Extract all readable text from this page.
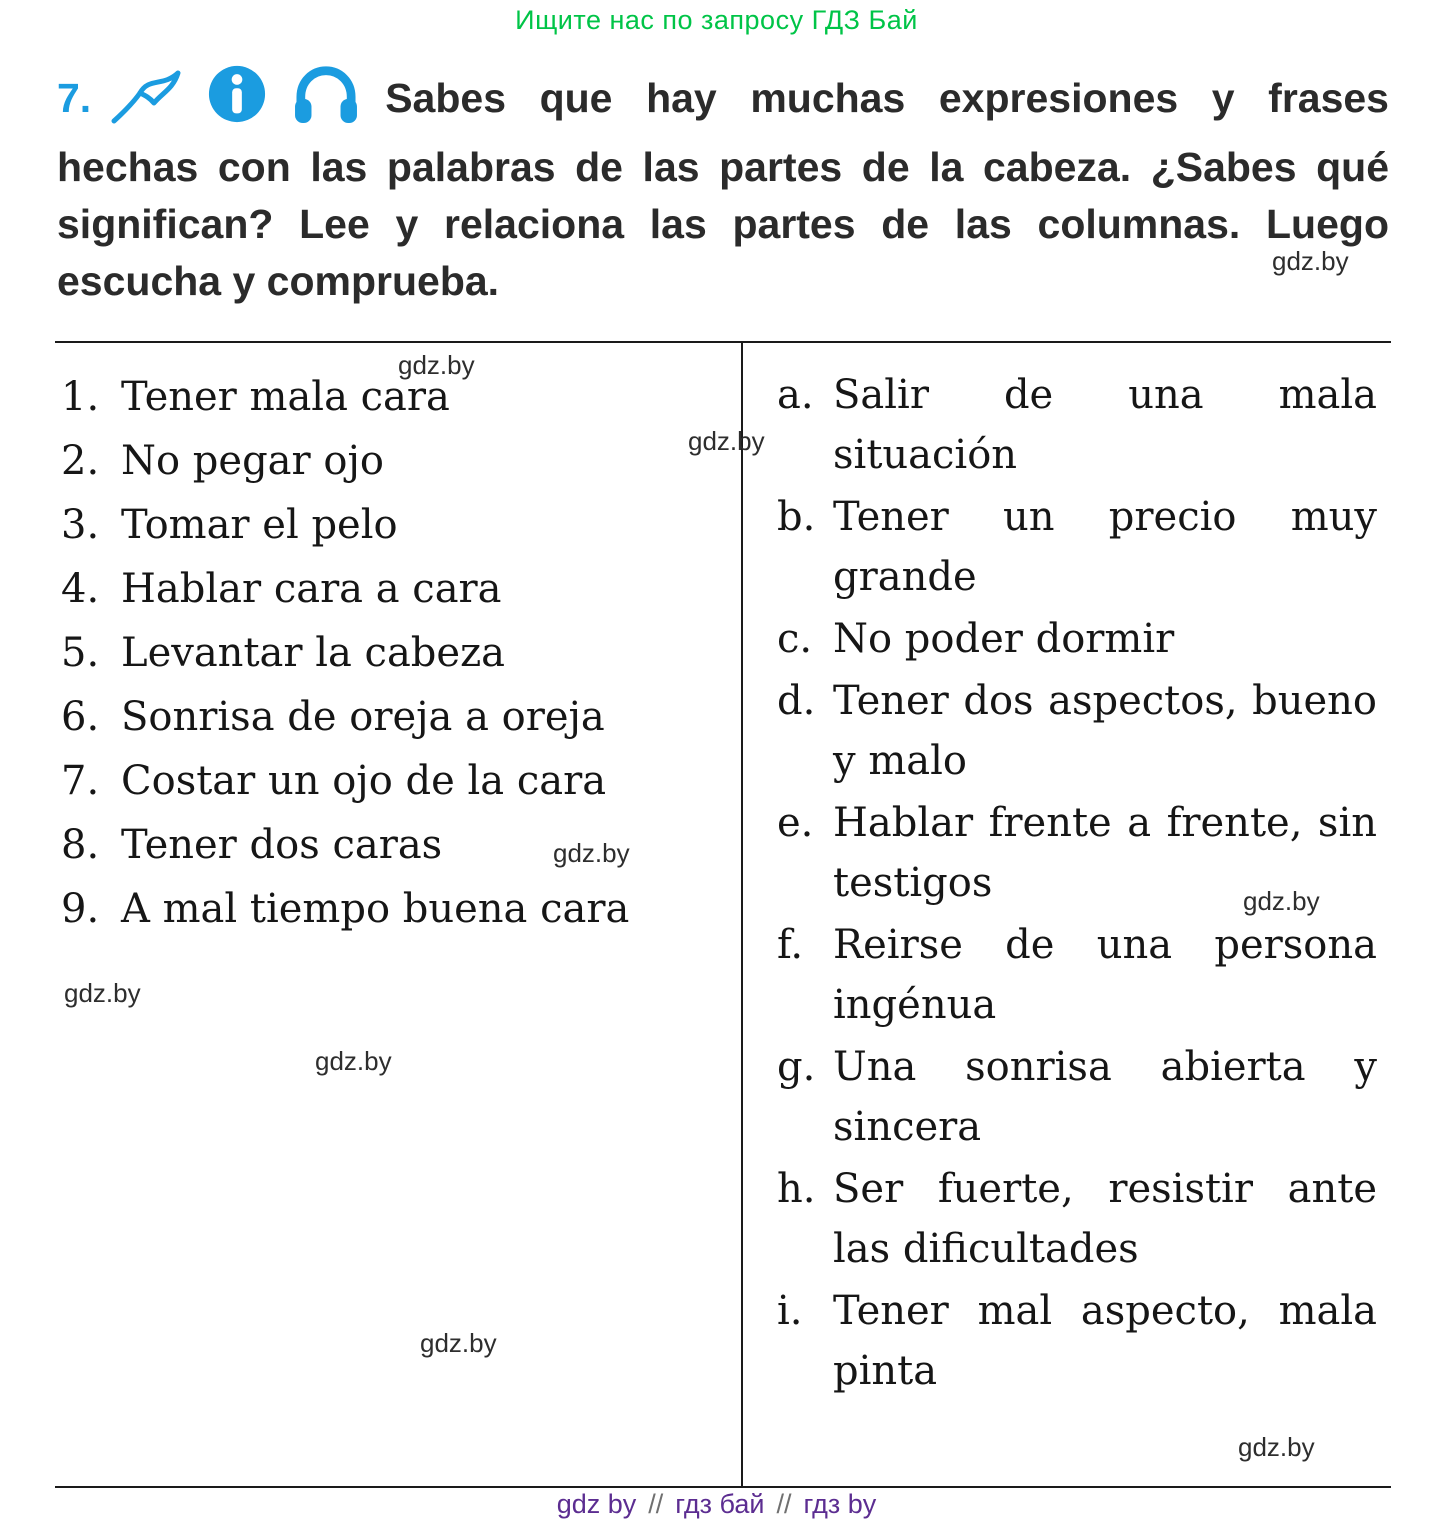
Ищите нас по запросу ГДЗ Бай
7.	Sabes que hay muchas expresiones y frases hechas con las palabras de las partes de la cabeza. ¿Sabes qué significan? Lee y relaciona las partes de las columnas. Luego escucha y comprueba.
1. Tener mala cara
2. No pegar ojo
3. Tomar el pelo
4. Hablar cara a cara
5. Levantar la cabeza
6. Sonrisa de oreja a oreja
7. Costar un ojo de la cara
8. Tener dos caras
9. A mal tiempo buena cara
a. Salir de una mala situación
b. Tener un precio muy grande
c. No poder dormir
d. Tener dos aspectos, bueno y malo
e. Hablar frente a frente, sin testigos
f. Reirse de una persona ingénua
g. Una sonrisa abierta y sincera
h. Ser fuerte, resistir ante las dificultades
i. Tener mal aspecto, mala pinta
gdz.by
gdz.by
gdz.by
gdz.by
gdz.by
gdz.by
gdz.by
gdz.by
gdz.by
gdz by // гдз бай // гдз by
